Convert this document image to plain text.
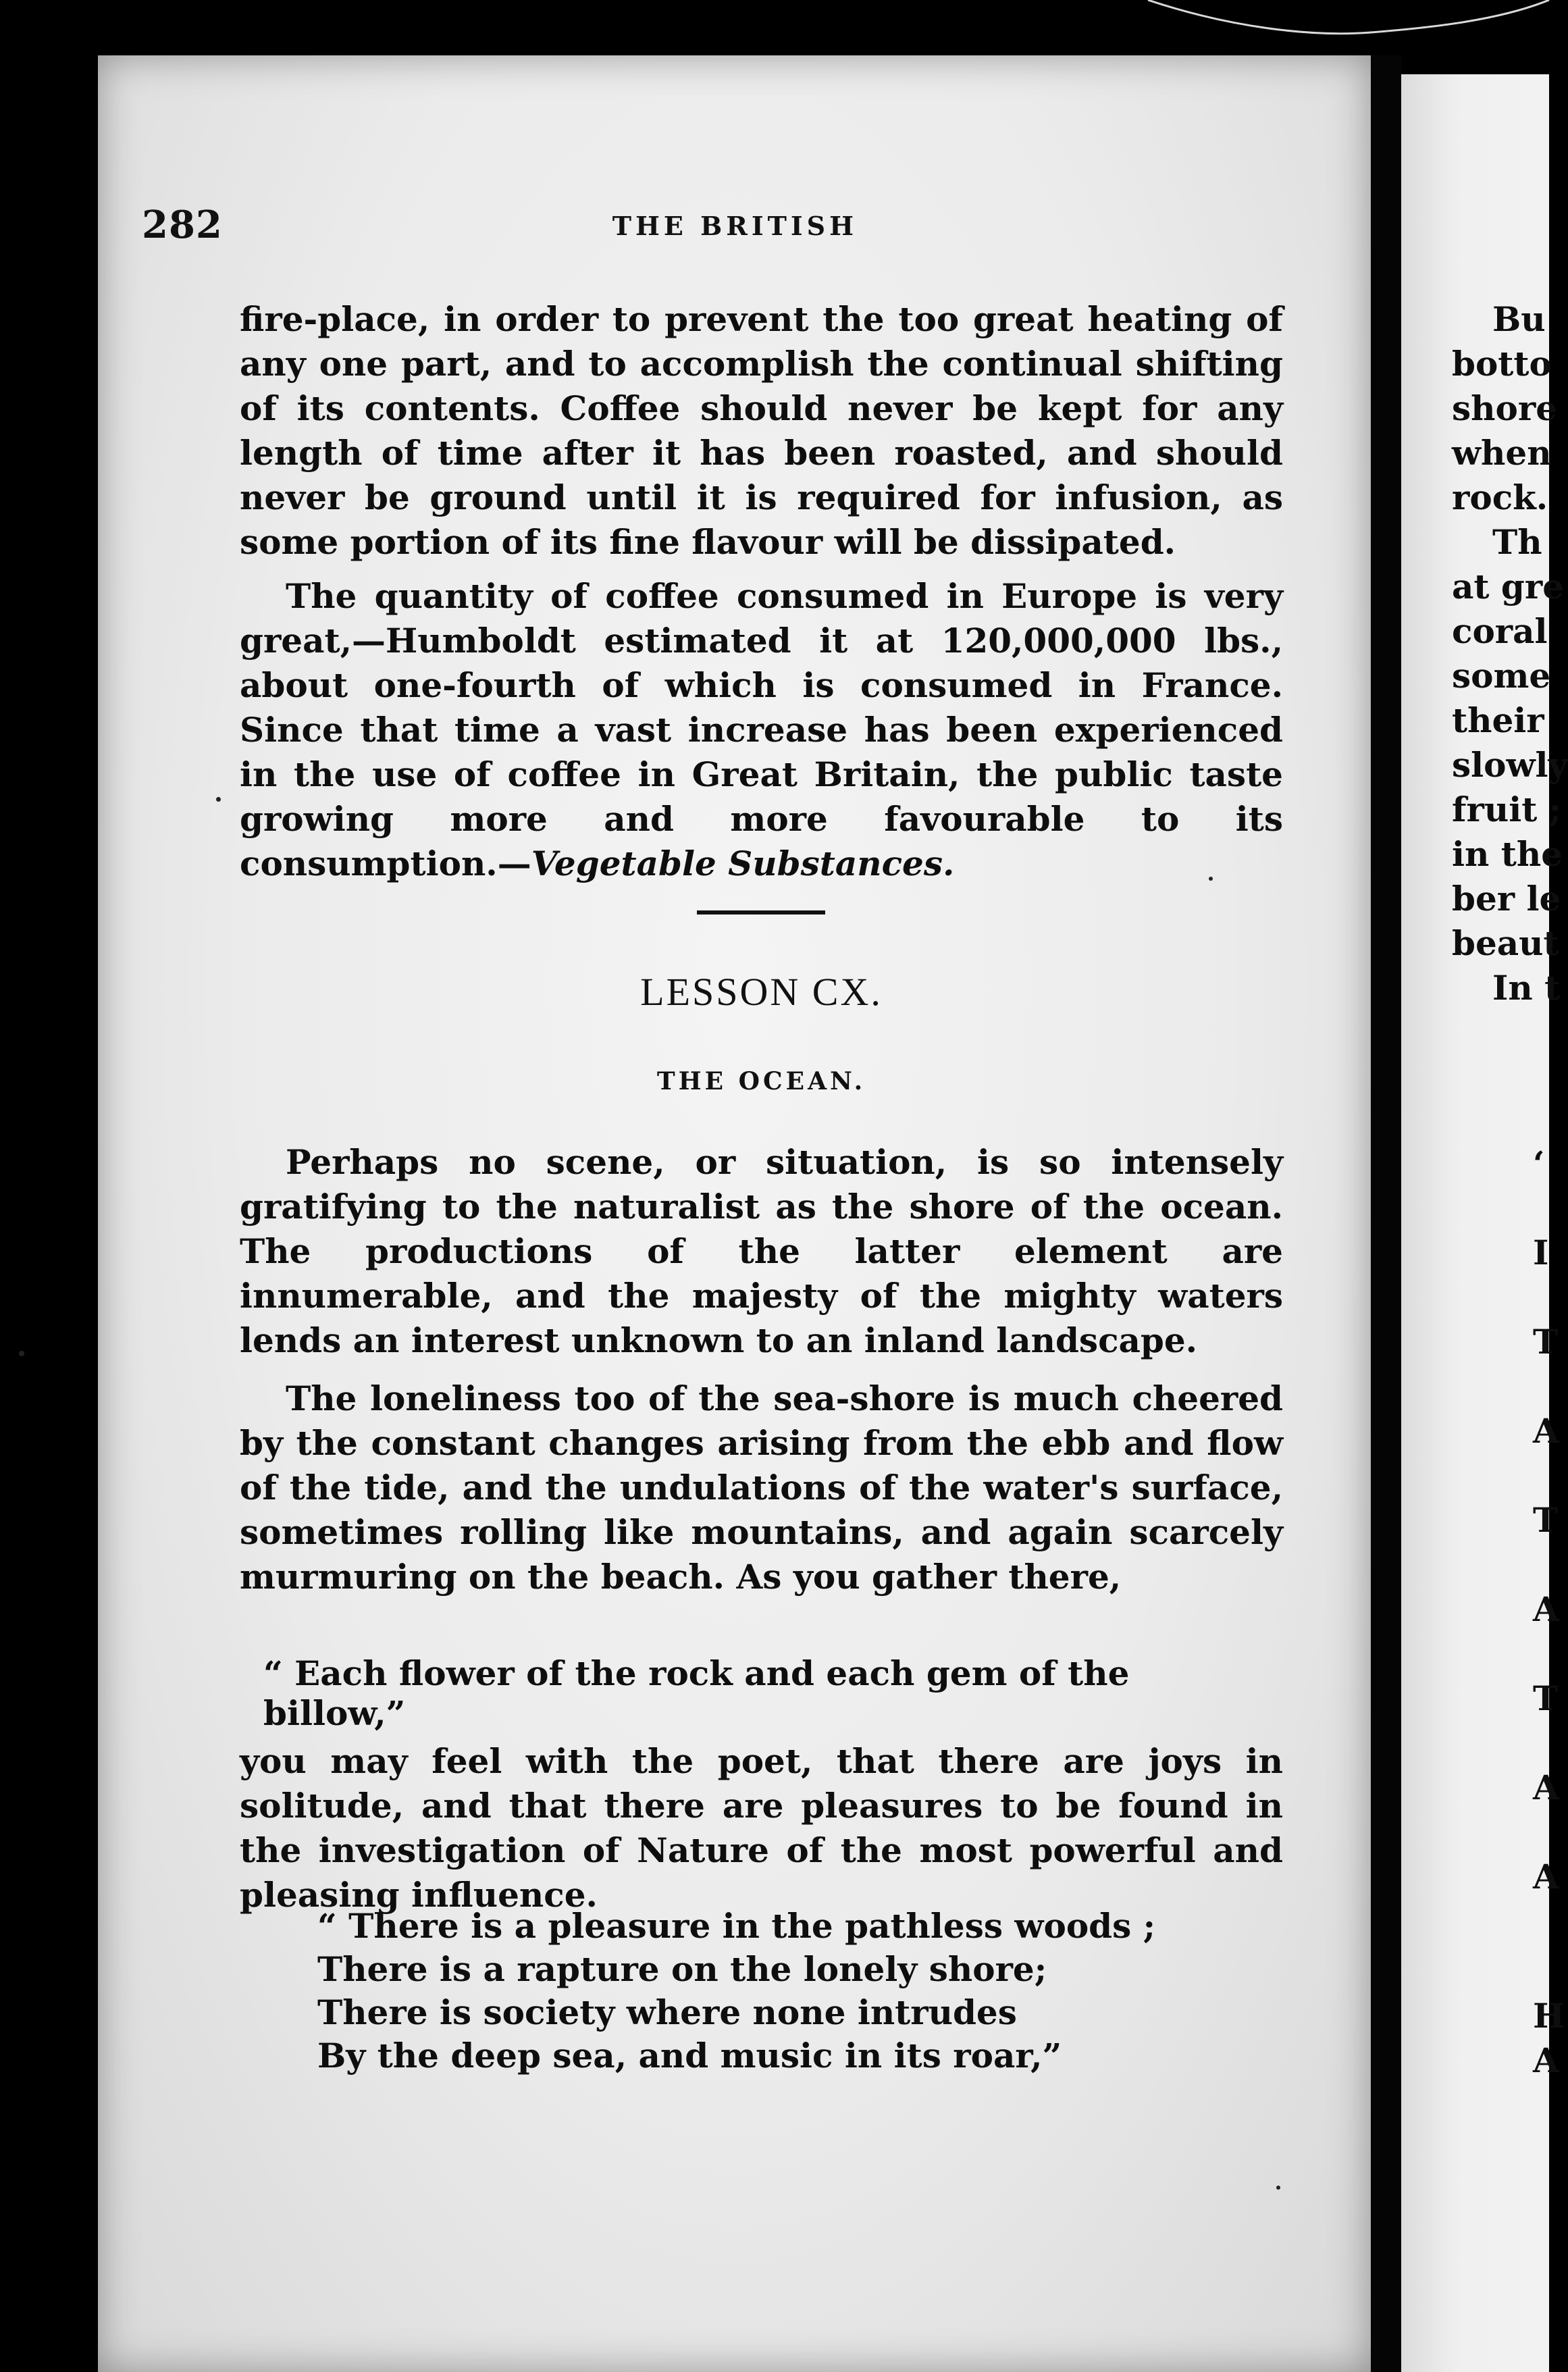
282	THE BRITISH
fire-place, in order to prevent the too great heating of any one part, and to accomplish the continual shifting of its contents. Coffee should never be kept for any length of time after it has been roasted, and should never be ground until it is required for infusion, as some portion of its fine flavour will be dissipated.
The quantity of coffee consumed in Europe is very great,—Humboldt estimated it at 120,000,000 lbs., about one-fourth of which is consumed in France. Since that time a vast increase has been experienced in the use of coffee in Great Britain, the public taste growing more and more favourable to its consumption.—Vegetable Substances.
LESSON CX.
THE OCEAN.
Perhaps no scene, or situation, is so intensely gratifying to the naturalist as the shore of the ocean. The productions of the latter element are innumerable, and the majesty of the mighty waters lends an interest unknown to an inland landscape.
The loneliness too of the sea-shore is much cheered by the constant changes arising from the ebb and flow of the tide, and the undulations of the water's surface, sometimes rolling like mountains, and again scarcely murmuring on the beach. As you gather there,
“ Each flower of the rock and each gem of the billow,”
you may feel with the poet, that there are joys in solitude, and that there are pleasures to be found in the investigation of Nature of the most powerful and pleasing influence.
“ There is a pleasure in the pathless woods ;
There is a rapture on the lonely shore;
There is society where none intrudes
By the deep sea, and music in its roar,”
Bu
botto
shore
when
rock.
Th
at gre
coral
some
their
slowly
fruit ;
in the
ber le
beaut
In t
‘
I
T
A
T
A
T
A
A
H
A
